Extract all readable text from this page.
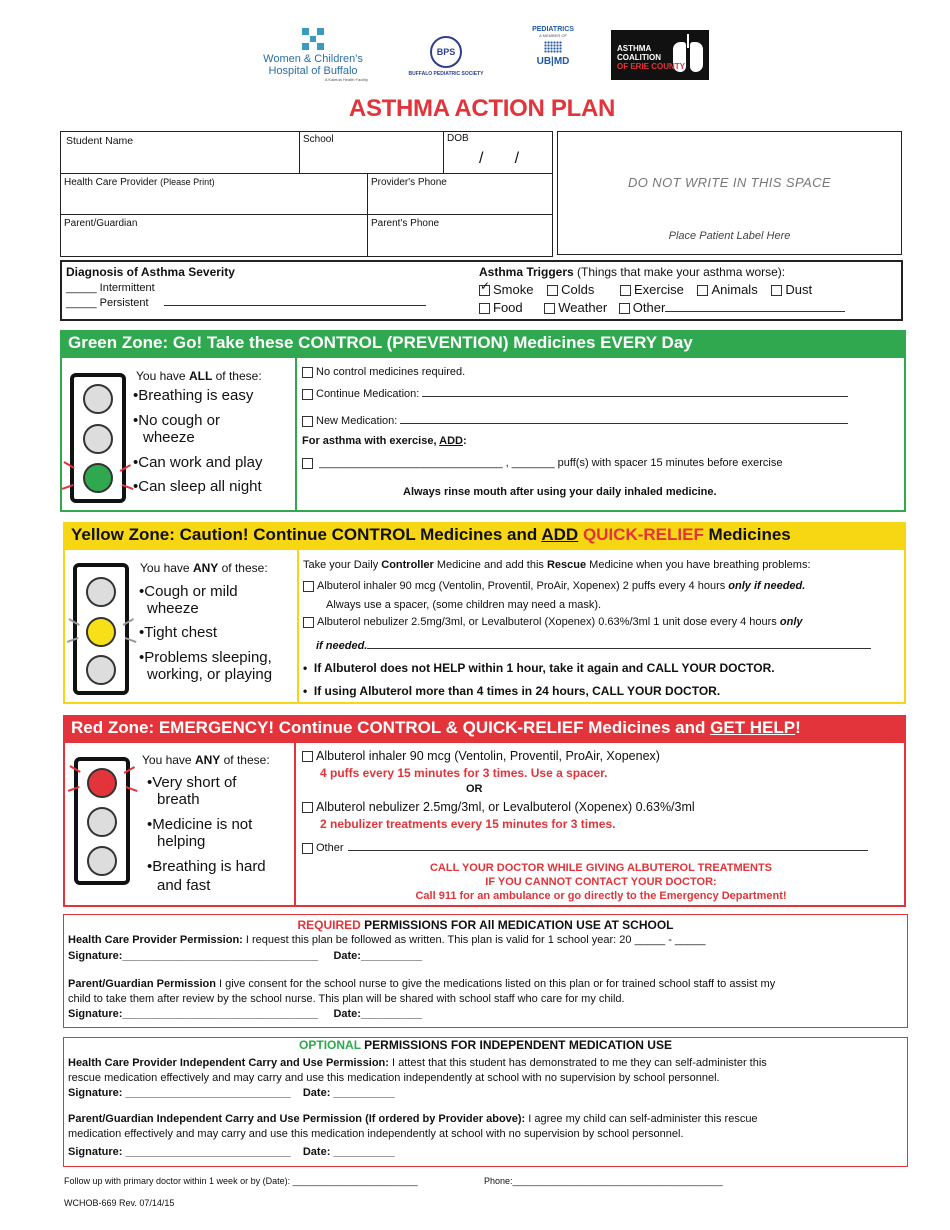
Women & Children's
Hospital of Buffalo
A Kaleida Health Facility
BPS
BUFFALO PEDIATRIC SOCIETY
PEDIATRICS
A MEMBER OF
UB|MD
ASTHMA
COALITION
OF ERIE COUNTY
ASTHMA ACTION PLAN
Student Name	School	DOB
/       /
Health Care Provider (Please Print)	Provider's Phone
Parent/Guardian	Parent's Phone
DO NOT WRITE IN THIS SPACE
Place Patient Label Here
Diagnosis of Asthma Severity
_____ Intermittent
_____ Persistent
Asthma Triggers (Things that make your asthma worse):
✓ Smoke Colds	Exercise Animals Dust
Food	Weather Other
Green Zone: Go! Take these CONTROL (PREVENTION) Medicines EVERY Day
You have ALL of these:
•Breathing is easy
•No cough or
wheeze
•Can work and play
•Can sleep all night
No control medicines required.
Continue Medication:
New Medication:
For asthma with exercise, ADD:
______________________________ , _______ puff(s) with spacer 15 minutes before exercise
Always rinse mouth after using your daily inhaled medicine.
Yellow Zone: Caution! Continue CONTROL Medicines and ADD QUICK-RELIEF Medicines
You have ANY of these:
•Cough or mild
wheeze
•Tight chest
•Problems sleeping,
working, or playing
Take your Daily Controller Medicine and add this Rescue Medicine when you have breathing problems:
Albuterol inhaler 90 mcg (Ventolin, Proventil, ProAir, Xopenex) 2 puffs every 4 hours only if needed.
Always use a spacer, (some children may need a mask).
Albuterol nebulizer 2.5mg/3ml, or Levalbuterol (Xopenex) 0.63%/3ml 1 unit dose every 4 hours only
if needed.
•  If Albuterol does not HELP within 1 hour, take it again and CALL YOUR DOCTOR.
•  If using Albuterol more than 4 times in 24 hours, CALL YOUR DOCTOR.
Red Zone: EMERGENCY! Continue CONTROL & QUICK-RELIEF Medicines and GET HELP!
You have ANY of these:
•Very short of
breath
•Medicine is not
helping
•Breathing is hard
and fast
Albuterol inhaler 90 mcg (Ventolin, Proventil, ProAir, Xopenex)
4 puffs every 15 minutes for 3 times. Use a spacer.
OR
Albuterol nebulizer 2.5mg/3ml, or Levalbuterol (Xopenex) 0.63%/3ml
2 nebulizer treatments every 15 minutes for 3 times.
Other
CALL YOUR DOCTOR WHILE GIVING ALBUTEROL TREATMENTS
IF YOU CANNOT CONTACT YOUR DOCTOR:
Call 911 for an ambulance or go directly to the Emergency Department!
REQUIRED PERMISSIONS FOR All MEDICATION USE AT SCHOOL
Health Care Provider Permission: I request this plan be followed as written. This plan is valid for 1 school year: 20 _____ - _____
Signature:________________________________     Date:__________
Parent/Guardian Permission I give consent for the school nurse to give the medications listed on this plan or for trained school staff to assist my
child to take them after review by the school nurse. This plan will be shared with school staff who care for my child.
Signature:________________________________     Date:__________
OPTIONAL PERMISSIONS FOR INDEPENDENT MEDICATION USE
Health Care Provider Independent Carry and Use Permission: I attest that this student has demonstrated to me they can self-administer this
rescue medication effectively and may carry and use this medication independently at school with no supervision by school personnel.
Signature: ___________________________    Date: __________
Parent/Guardian Independent Carry and Use Permission (If ordered by Provider above): I agree my child can self-administer this rescue
medication effectively and may carry and use this medication independently at school with no supervision by school personnel.
Signature: ___________________________    Date: __________
Follow up with primary doctor within 1 week or by (Date): _________________________	Phone:__________________________________________
WCHOB-669 Rev. 07/14/15
